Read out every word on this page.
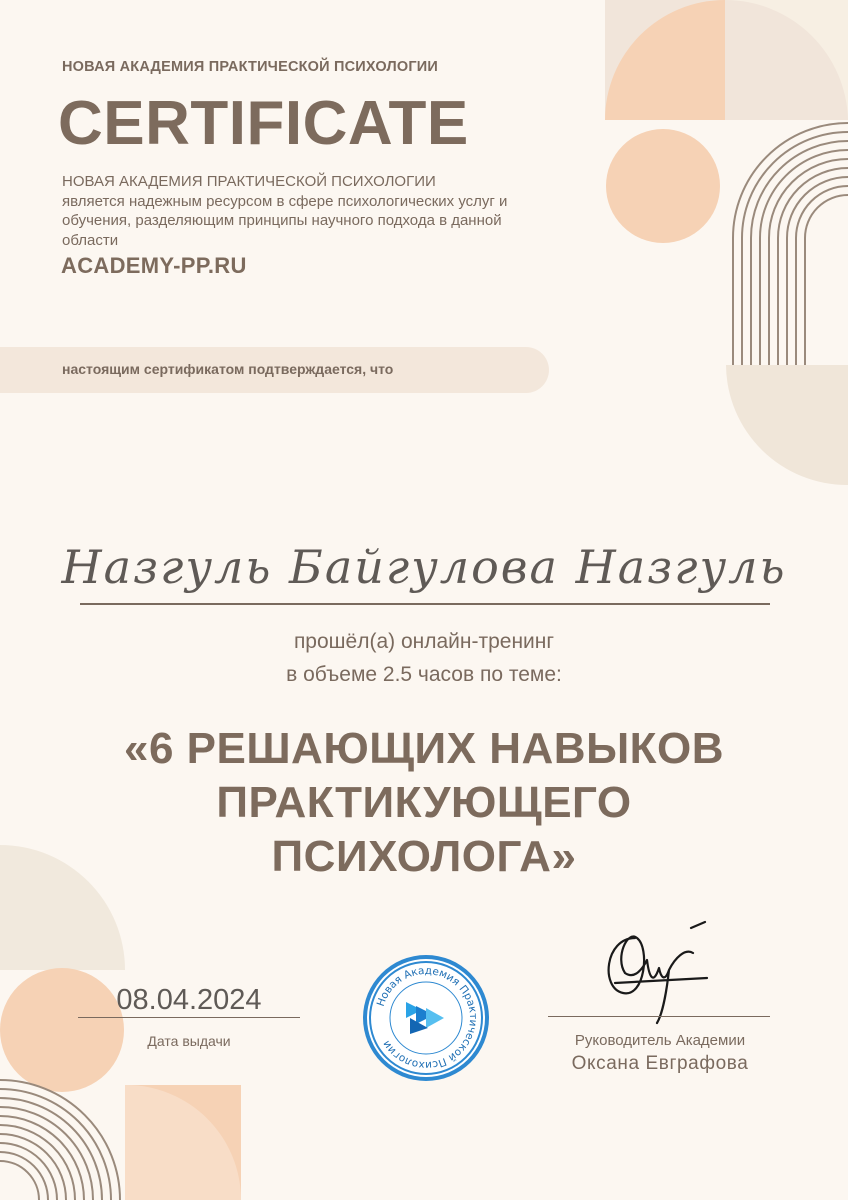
НОВАЯ АКАДЕМИЯ ПРАКТИЧЕСКОЙ ПСИХОЛОГИИ
CERTIFICATE
НОВАЯ АКАДЕМИЯ ПРАКТИЧЕСКОЙ ПСИХОЛОГИИ
является надежным ресурсом в сфере психологических услуг и обучения, разделяющим принципы научного подхода в данной области
ACADEMY-PP.RU
настоящим сертификатом подтверждается, что
Назгуль Байгулова Назгуль
прошёл(а) онлайн-тренинг
в объеме 2.5 часов по теме:
«6 РЕШАЮЩИХ НАВЫКОВ
ПРАКТИКУЮЩЕГО
ПСИХОЛОГА»
08.04.2024
Дата выдачи
Новая Академия Практической Психологии	Руководитель Академии
Оксана Евграфова
